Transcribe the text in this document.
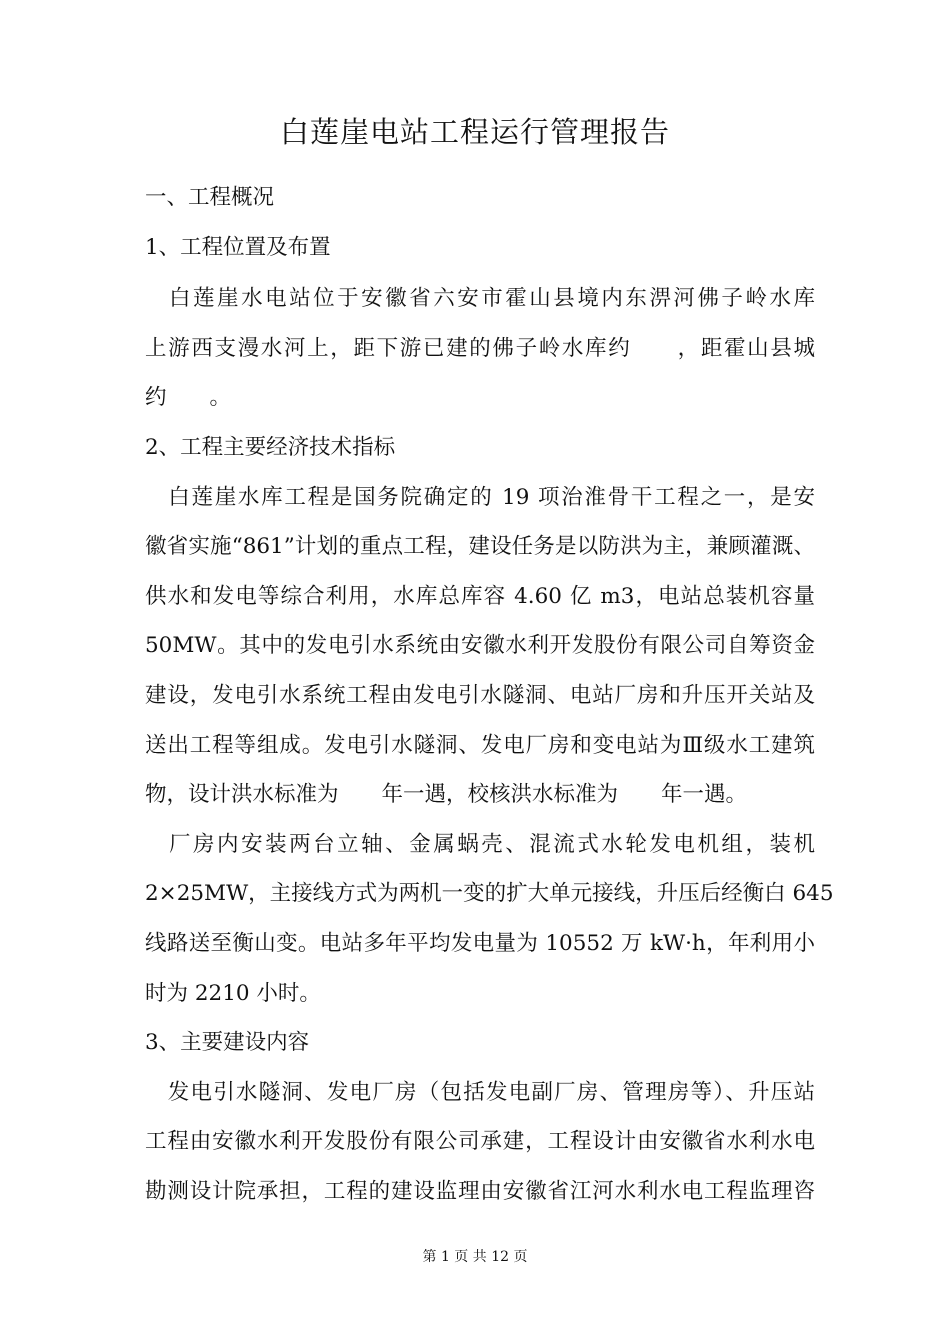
白莲崖电站工程运行管理报告
一、工程概况
1、工程位置及布置
　白莲崖水电站位于安徽省六安市霍山县境内东淠河佛子岭水库
上游西支漫水河上，距下游已建的佛子岭水库约　　，距霍山县城
约　　。
2、工程主要经济技术指标
　白莲崖水库工程是国务院确定的 19 项治淮骨干工程之一，是安
徽省实施“861”计划的重点工程，建设任务是以防洪为主，兼顾灌溉、
供水和发电等综合利用，水库总库容 4.60 亿 m3，电站总装机容量
50MW。其中的发电引水系统由安徽水利开发股份有限公司自筹资金
建设，发电引水系统工程由发电引水隧洞、电站厂房和升压开关站及
送出工程等组成。发电引水隧洞、发电厂房和变电站为Ⅲ级水工建筑
物，设计洪水标准为　　年一遇，校核洪水标准为　　年一遇。
　厂房内安装两台立轴、金属蜗壳、混流式水轮发电机组，装机
2×25MW，主接线方式为两机一变的扩大单元接线，升压后经衡白 645
线路送至衡山变。电站多年平均发电量为 10552 万 kW·h，年利用小
时为 2210 小时。
3、主要建设内容
　发电引水隧洞、发电厂房（包括发电副厂房、管理房等）、升压站
工程由安徽水利开发股份有限公司承建，工程设计由安徽省水利水电
勘测设计院承担，工程的建设监理由安徽省江河水利水电工程监理咨
第 1 页 共 12 页
